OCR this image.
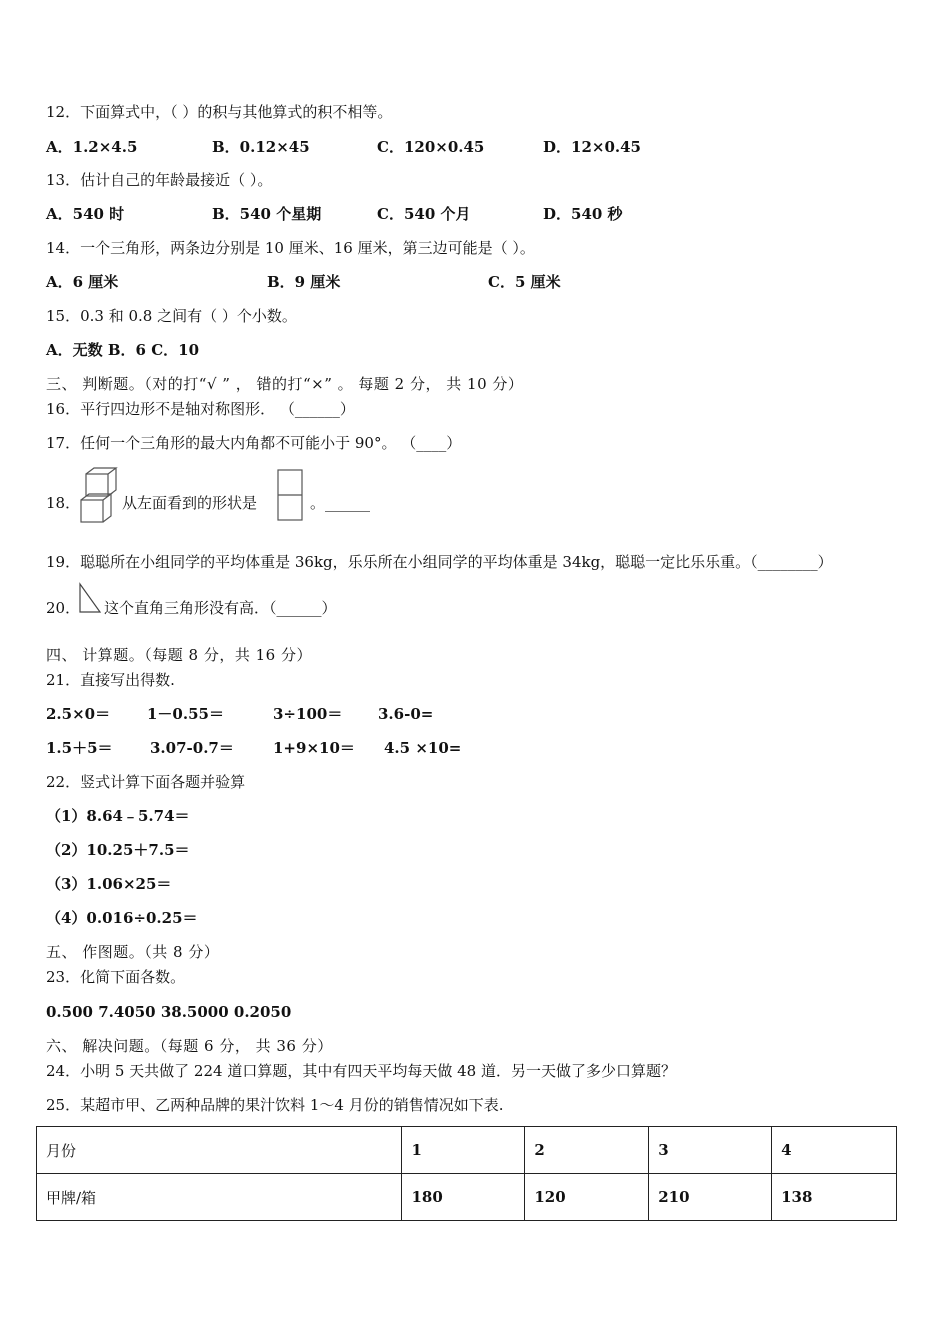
12．下面算式中，（ ）的积与其他算式的积不相等。
A．1.2×4.5	B．0.12×45	C．120×0.45	D．12×0.45
13．估计自己的年龄最接近（ ）。
A．540 时	B．540 个星期	C．540 个月	D．540 秒
14．一个三角形，两条边分别是 10 厘米、16 厘米，第三边可能是（ ）。
A．6 厘米	B．9 厘米	C．5 厘米
15．0.3 和 0.8 之间有（ ）个小数。
A．无数 B．6 C．10
三、 判断题。（对的打“√ ” ， 错的打“×” 。 每题 2 分， 共 10 分）
16．平行四边形不是轴对称图形． （______）
17．任何一个三角形的最大内角都不可能小于 90°。 （____）
18．	从左面看到的形状是	。______
19．聪聪所在小组同学的平均体重是 36kg，乐乐所在小组同学的平均体重是 34kg，聪聪一定比乐乐重。（________）
20． 这个直角三角形没有高．（______）
四、 计算题。（每题 8 分，共 16 分）
21．直接写出得数.
2.5×0＝ 1－0.55＝	3÷100＝ 3.6-0=
1.5＋5＝ 3.07-0.7＝	1+9×10＝ 4.5 ×10=
22．竖式计算下面各题并验算
（1）8.64﹣5.74＝
（2）10.25＋7.5＝
（3）1.06×25＝
（4）0.016÷0.25＝
五、 作图题。（共 8 分）
23．化简下面各数。
0.500 7.4050 38.5000 0.2050
六、 解决问题。（每题 6 分， 共 36 分）
24．小明 5 天共做了 224 道口算题，其中有四天平均每天做 48 道．另一天做了多少口算题？
25．某超市甲、乙两种品牌的果汁饮料 1～4 月份的销售情况如下表.
月份	1	2	3	4
甲牌/箱	180	120	210	138
